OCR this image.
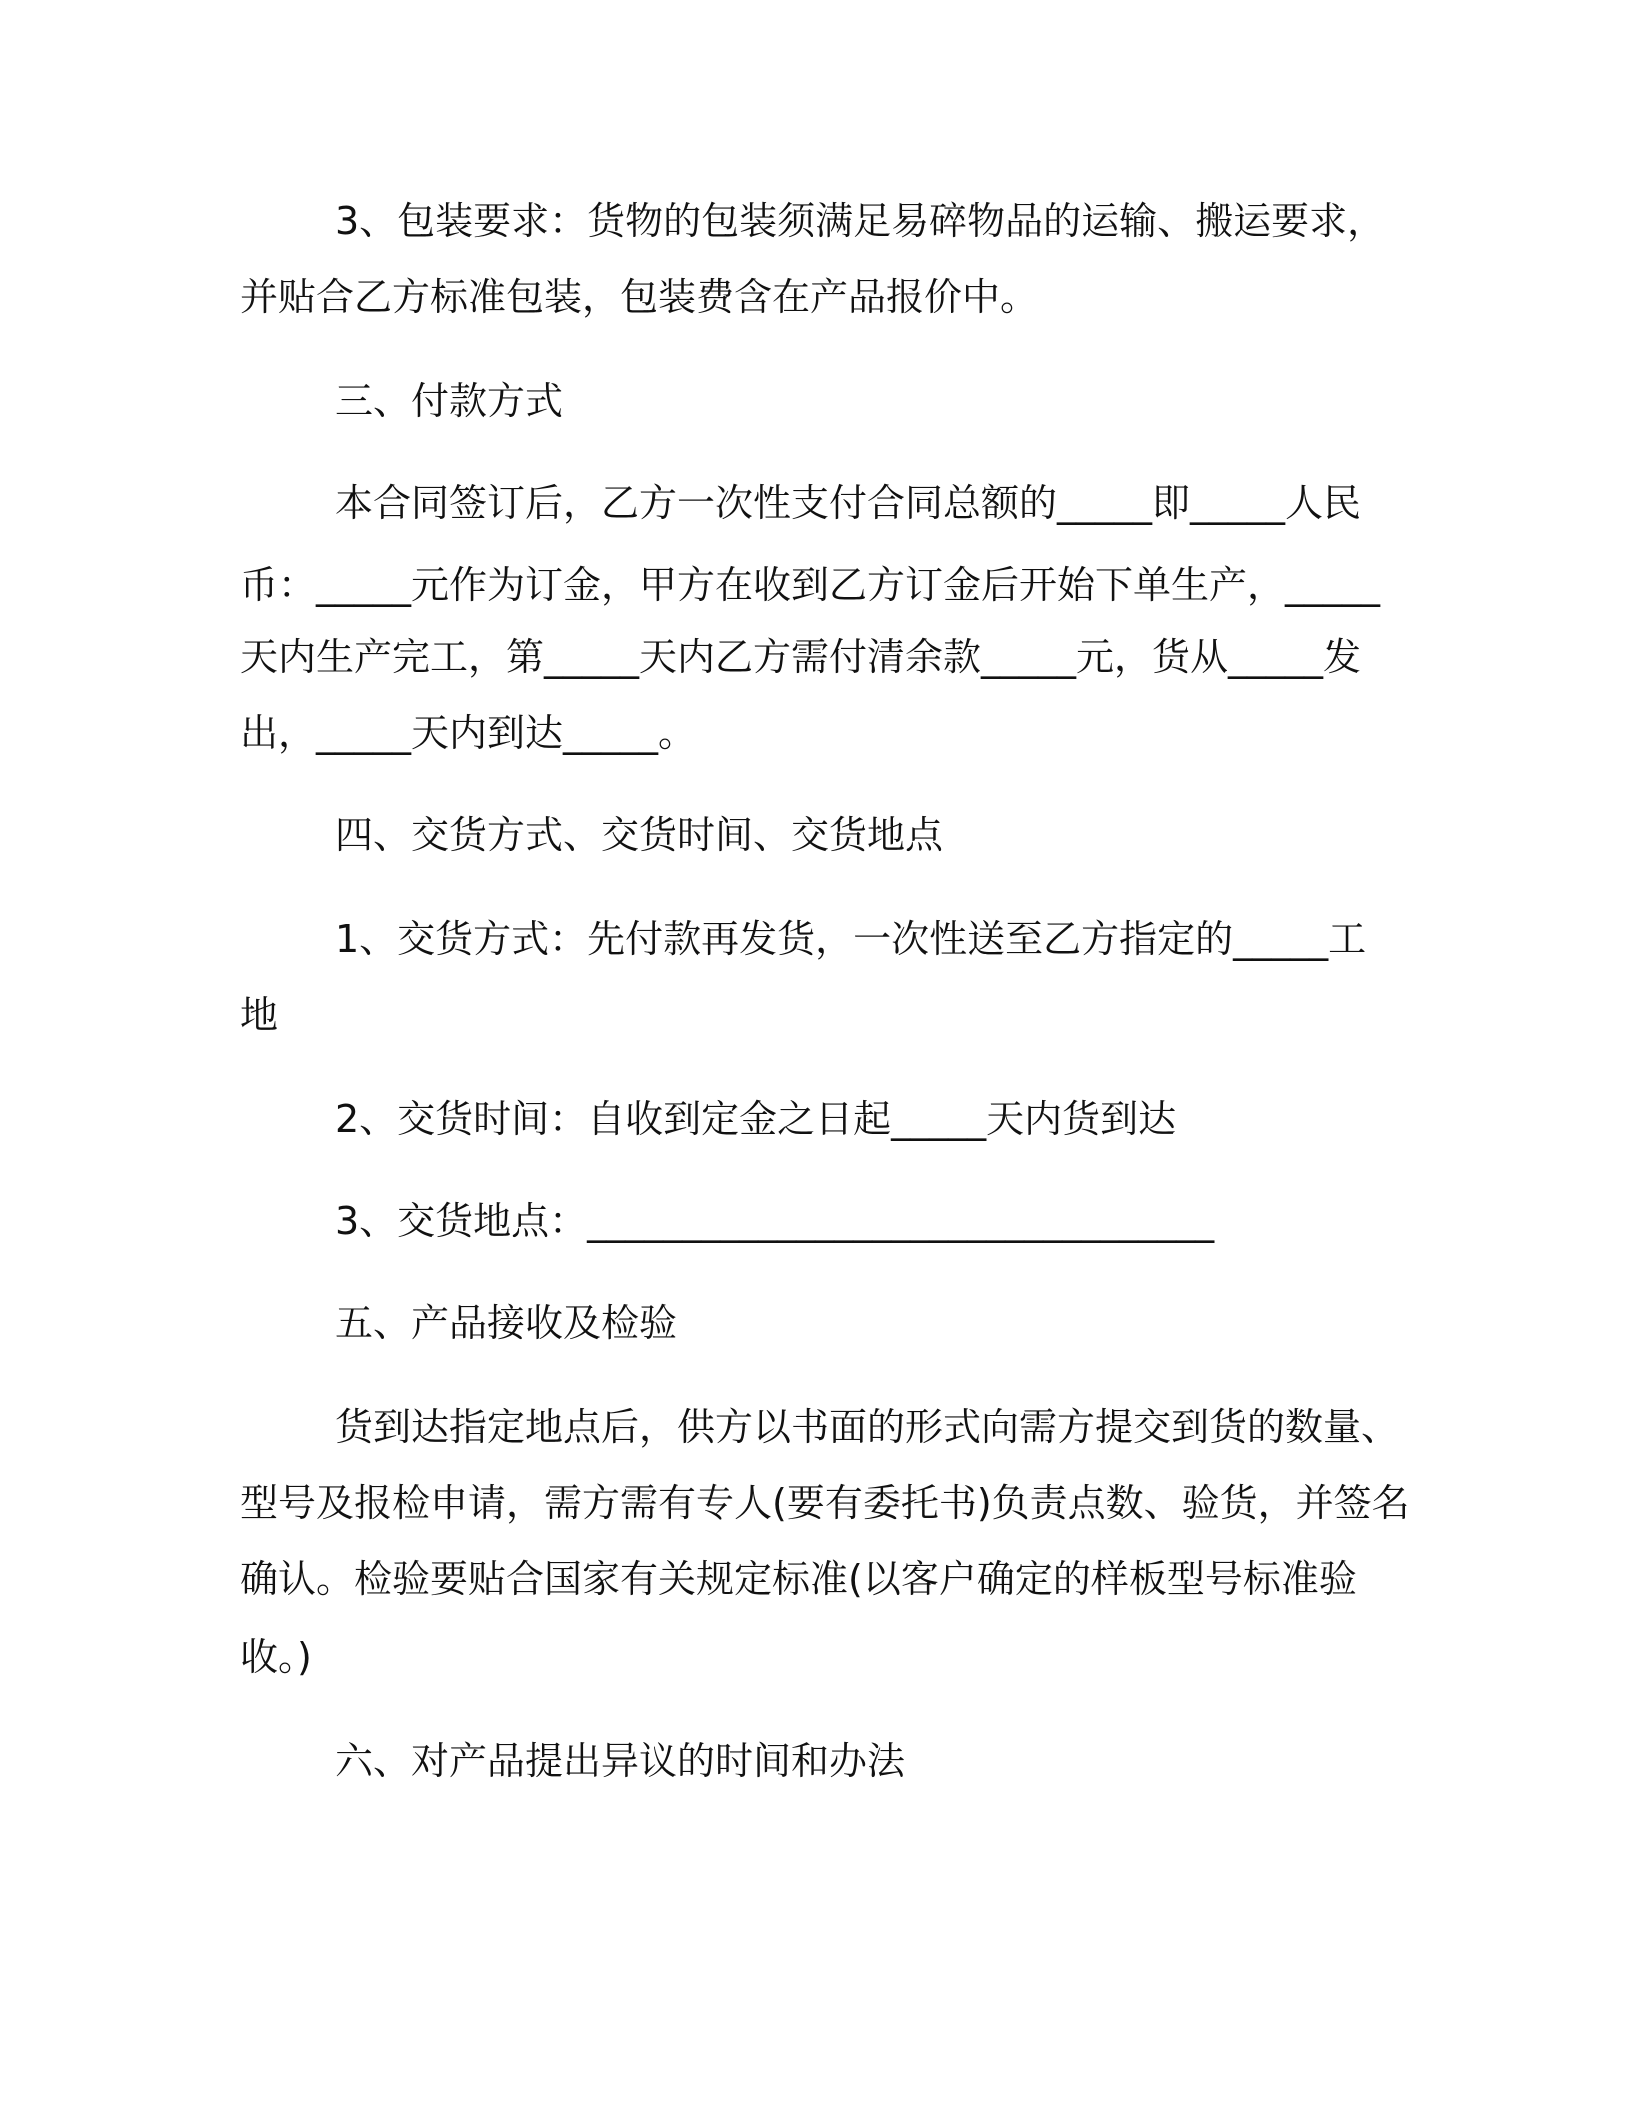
3、包装要求：货物的包装须满足易碎物品的运输、搬运要求，
并贴合乙方标准包装，包装费含在产品报价中。
三、付款方式
本合同签订后，乙方一次性支付合同总额的_____即_____人民
币：_____元作为订金，甲方在收到乙方订金后开始下单生产，_____
天内生产完工，第_____天内乙方需付清余款_____元，货从_____发
出，_____天内到达_____。
四、交货方式、交货时间、交货地点
1、交货方式：先付款再发货，一次性送至乙方指定的_____工
地
2、交货时间：自收到定金之日起_____天内货到达
3、交货地点：_________________________________
五、产品接收及检验
货到达指定地点后，供方以书面的形式向需方提交到货的数量、
型号及报检申请，需方需有专人(要有委托书)负责点数、验货，并签名
确认。检验要贴合国家有关规定标准(以客户确定的样板型号标准验
收。)
六、对产品提出异议的时间和办法
